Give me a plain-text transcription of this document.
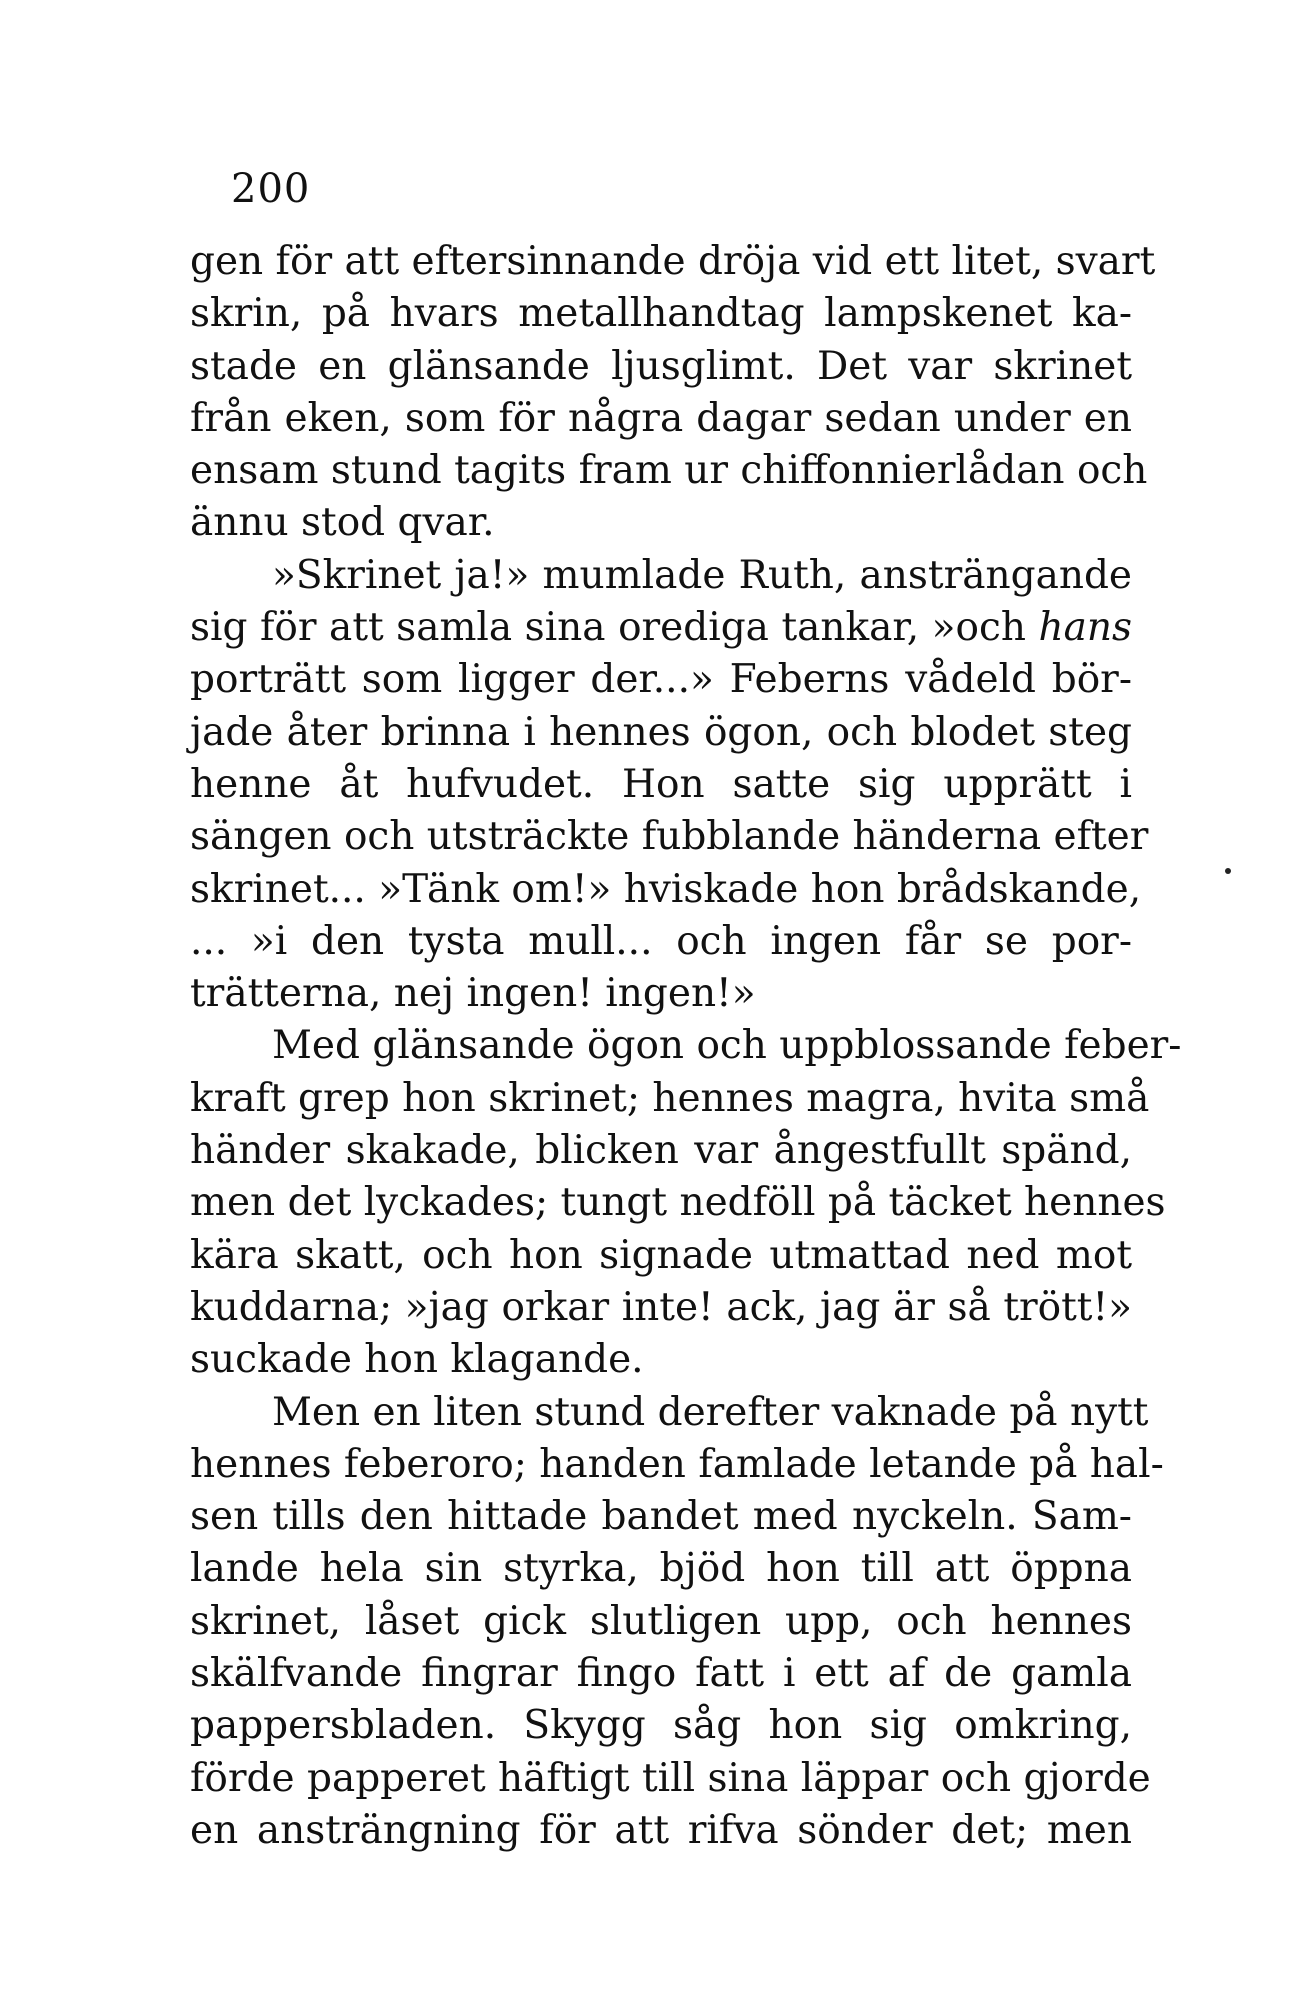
200
gen för att eftersinnande dröja vid ett litet, svart
skrin, på hvars metallhandtag lampskenet ka-
stade en glänsande ljusglimt. Det var skrinet
från eken, som för några dagar sedan under en
ensam stund tagits fram ur chiffonnierlådan och
ännu stod qvar.
»Skrinet ja!» mumlade Ruth, ansträngande
sig för att samla sina orediga tankar, »och hans
porträtt som ligger der...» Feberns vådeld bör-
jade åter brinna i hennes ögon, och blodet steg
henne åt hufvudet. Hon satte sig upprätt i
sängen och utsträckte fubblande händerna efter
skrinet... »Tänk om!» hviskade hon brådskande,
... »i den tysta mull... och ingen får se por-
trätterna, nej ingen! ingen!»
Med glänsande ögon och uppblossande feber-
kraft grep hon skrinet; hennes magra, hvita små
händer skakade, blicken var ångestfullt spänd,
men det lyckades; tungt nedföll på täcket hennes
kära skatt, och hon signade utmattad ned mot
kuddarna; »jag orkar inte! ack, jag är så trött!»
suckade hon klagande.
Men en liten stund derefter vaknade på nytt
hennes feberoro; handen famlade letande på hal-
sen tills den hittade bandet med nyckeln. Sam-
lande hela sin styrka, bjöd hon till att öppna
skrinet, låset gick slutligen upp, och hennes
skälfvande fingrar fingo fatt i ett af de gamla
pappersbladen. Skygg såg hon sig omkring,
förde papperet häftigt till sina läppar och gjorde
en ansträngning för att rifva sönder det; men
